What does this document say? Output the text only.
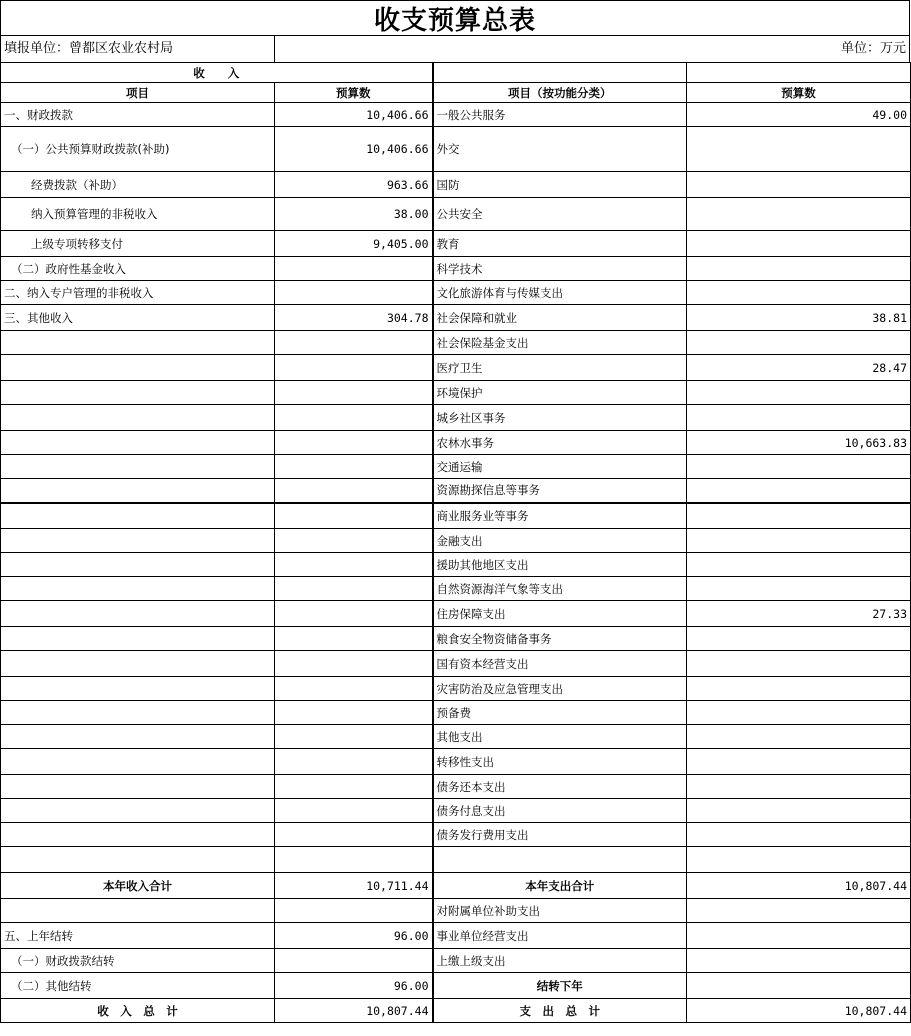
收支预算总表
填报单位：曾都区农业农村局	单位：万元
收　　入			
项目	预算数	项目（按功能分类）	预算数
一、财政拨款	10,406.66	一般公共服务	49.00
（一）公共预算财政拨款(补助)	10,406.66	外交	
经费拨款（补助）	963.66	国防	
纳入预算管理的非税收入	38.00	公共安全	
上级专项转移支付	9,405.00	教育	
（二）政府性基金收入		科学技术	
二、纳入专户管理的非税收入		文化旅游体育与传媒支出	
三、其他收入	304.78	社会保障和就业	38.81
		社会保险基金支出	
		医疗卫生	28.47
		环境保护	
		城乡社区事务	
		农林水事务	10,663.83
		交通运输	
		资源勘探信息等事务	
		商业服务业等事务	
		金融支出	
		援助其他地区支出	
		自然资源海洋气象等支出	
		住房保障支出	27.33
		粮食安全物资储备事务	
		国有资本经营支出	
		灾害防治及应急管理支出	
		预备费	
		其他支出	
		转移性支出	
		债务还本支出	
		债务付息支出	
		债务发行费用支出	

本年收入合计	10,711.44	本年支出合计	10,807.44
		对附属单位补助支出	
五、上年结转	96.00	事业单位经营支出	
（一）财政拨款结转		上缴上级支出	
（二）其他结转	96.00	结转下年	
收　入　总　计	10,807.44	支　出　总　计	10,807.44
